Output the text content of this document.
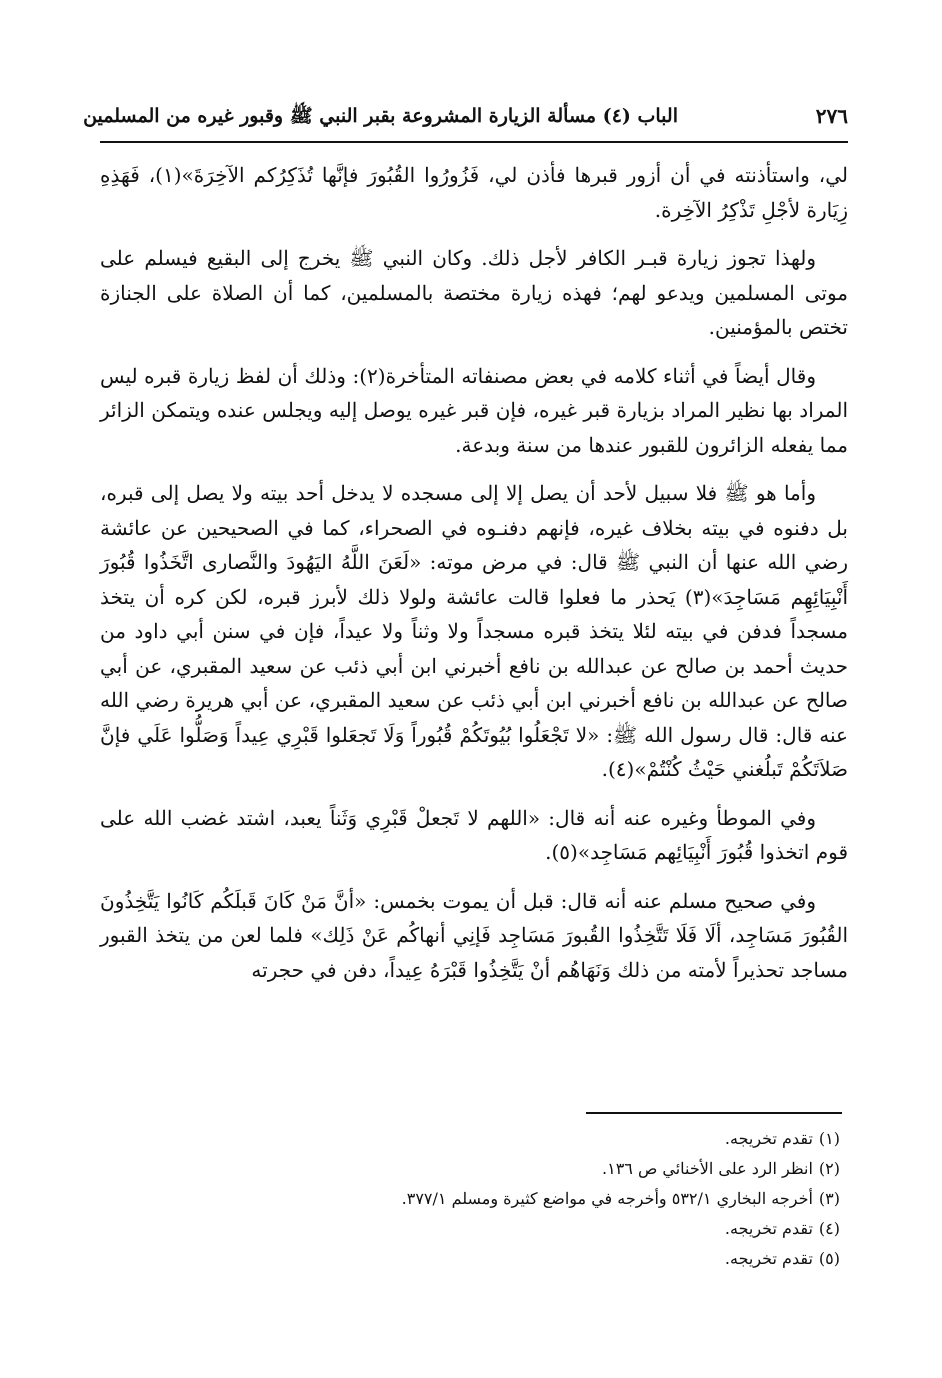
٢٧٦
الباب (٤) مسألة الزيارة المشروعة بقبر النبي ﷺ وقبور غيره من المسلمين

لي، واستأذنته في أن أزور قبرها فأذن لي، فَزُورُوا القُبُورَ فإنَّها تُذَكِرُكم الآخِرَةَ»(١)، فَهَذِهِ زِيَارة لأجْلِ تَذْكِرُ الآخِرة.

ولهذا تجوز زيارة قبـر الكافر لأجل ذلك. وكان النبي ﷺ يخرج إلى البقيع فيسلم على موتى المسلمين ويدعو لهم؛ فهذه زيارة مختصة بالمسلمين، كما أن الصلاة على الجنازة تختص بالمؤمنين.

وقال أيضاً في أثناء كلامه في بعض مصنفاته المتأخرة(٢): وذلك أن لفظ زيارة قبره ليس المراد بها نظير المراد بزيارة قبر غيره، فإن قبر غيره يوصل إليه ويجلس عنده ويتمكن الزائر مما يفعله الزائرون للقبور عندها من سنة وبدعة.

وأما هو ﷺ فلا سبيل لأحد أن يصل إلا إلى مسجده لا يدخل أحد بيته ولا يصل إلى قبره، بل دفنوه في بيته بخلاف غيره، فإنهم دفنـوه في الصحراء، كما في الصحيحين عن عائشة رضي الله عنها أن النبي ﷺ قال: في مرض موته: «لَعَنَ اللَّهُ اليَهُودَ والنَّصارى اتَّخَذُوا قُبُورَ أَنْبِيَائِهِم مَسَاجِدَ»(٣) يَحذر ما فعلوا قالت عائشة ولولا ذلك لأبرز قبره، لكن كره أن يتخذ مسجداً فدفن في بيته لئلا يتخذ قبره مسجداً ولا وثناً ولا عيداً، فإن في سنن أبي داود من حديث أحمد بن صالح عن عبدالله بن نافع أخبرني ابن أبي ذئب عن سعيد المقبري، عن أبي صالح عن عبدالله بن نافع أخبرني ابن أبي ذئب عن سعيد المقبري، عن أبي هريرة رضي الله عنه قال: قال رسول الله ﷺ: «لا تَجْعَلُوا بُيُوتَكُمْ قُبُوراً وَلَا تَجعَلوا قَبْرِي عِيداً وَصَلُّوا عَلَي فإنَّ صَلاَتَكُمْ تَبلُغني حَيْثُ كُنْتُمْ»(٤).

وفي الموطأ وغيره عنه أنه قال: «اللهم لا تَجعلْ قَبْرِي وَثَناً يعبد، اشتد غضب الله على قوم اتخذوا قُبُورَ أَنْبِيَائِهم مَسَاجِد»(٥).

وفي صحيح مسلم عنه أنه قال: قبل أن يموت بخمس: «أنَّ مَنْ كَانَ قَبلَكُم كَانُوا يَتَّخِذُونَ القُبُورَ مَسَاجِد، ألَا فَلَا تَتَّخِذُوا القُبورَ مَسَاجِد فَإنِي أنهاكُم عَنْ ذَلِك» فلما لعن من يتخذ القبور مساجد تحذيراً لأمته من ذلك وَنَهَاهُم أنْ يَتَّخِذُوا قَبْرَهُ عِيداً، دفن في حجرته

(١)تقدم تخريجه.
(٢)انظر الرد على الأخنائي ص ١٣٦.
(٣)أخرجه البخاري ٥٣٢/١ وأخرجه في مواضع كثيرة ومسلم ٣٧٧/١.
(٤)تقدم تخريجه.
(٥)تقدم تخريجه.
